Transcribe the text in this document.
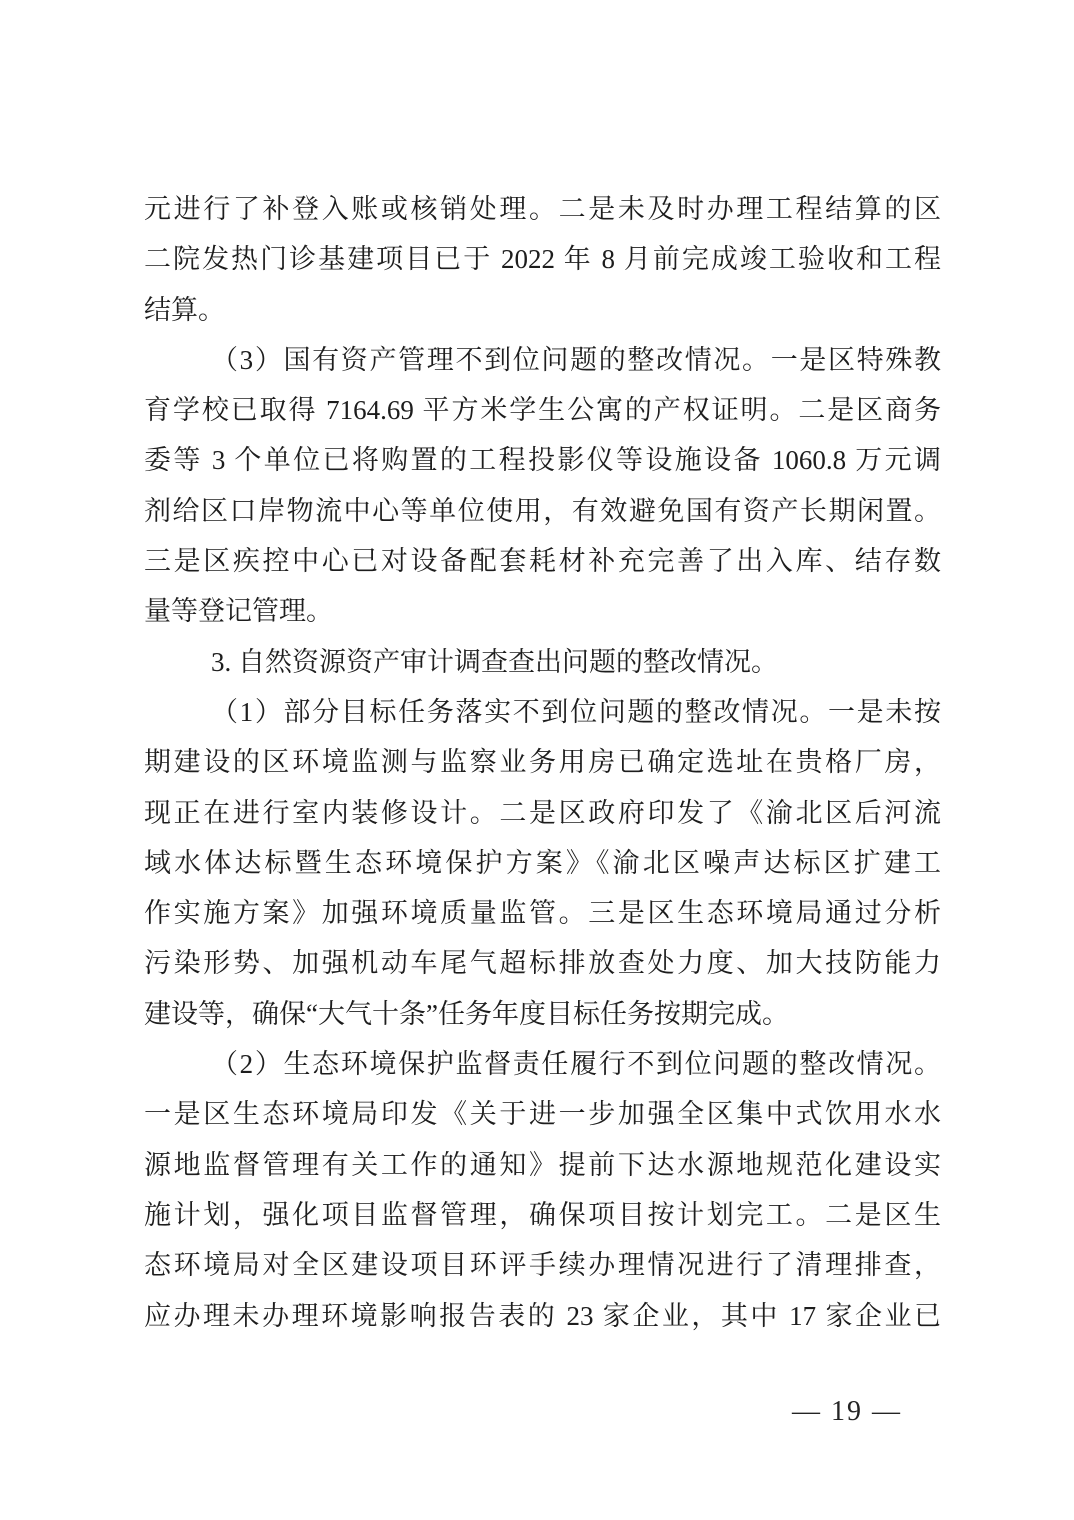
元进行了补登入账或核销处理。二是未及时办理工程结算的区
二院发热门诊基建项目已于 2022 年 8 月前完成竣工验收和工程
结算。
（3）国有资产管理不到位问题的整改情况。一是区特殊教
育学校已取得 7164.69 平方米学生公寓的产权证明。二是区商务
委等 3 个单位已将购置的工程投影仪等设施设备 1060.8 万元调
剂给区口岸物流中心等单位使用，有效避免国有资产长期闲置。
三是区疾控中心已对设备配套耗材补充完善了出入库、结存数
量等登记管理。
3. 自然资源资产审计调查查出问题的整改情况。
（1）部分目标任务落实不到位问题的整改情况。一是未按
期建设的区环境监测与监察业务用房已确定选址在贵格厂房，
现正在进行室内装修设计。二是区政府印发了《渝北区后河流
域水体达标暨生态环境保护方案》《渝北区噪声达标区扩建工
作实施方案》加强环境质量监管。三是区生态环境局通过分析
污染形势、加强机动车尾气超标排放查处力度、加大技防能力
建设等，确保“大气十条”任务年度目标任务按期完成。
（2）生态环境保护监督责任履行不到位问题的整改情况。
一是区生态环境局印发《关于进一步加强全区集中式饮用水水
源地监督管理有关工作的通知》提前下达水源地规范化建设实
施计划，强化项目监督管理，确保项目按计划完工。二是区生
态环境局对全区建设项目环评手续办理情况进行了清理排查，
应办理未办理环境影响报告表的 23 家企业，其中 17 家企业已
— 19 —
